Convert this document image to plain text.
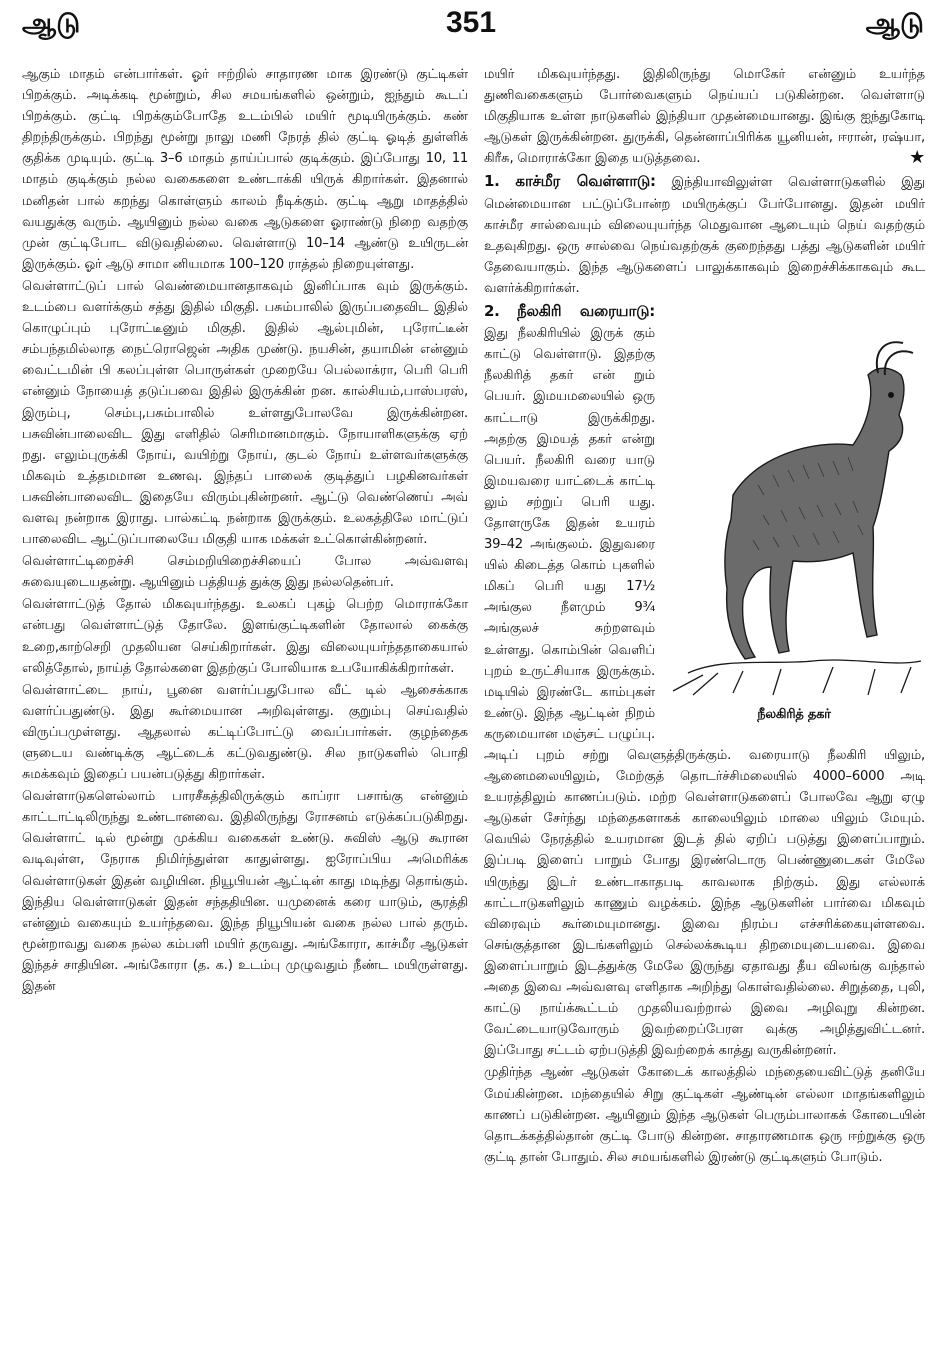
ஆடு	351	ஆடு

ஆகும் மாதம் என்பார்கள். ஓர் ஈற்றில் சாதாரண மாக இரண்டு குட்டிகள் பிறக்கும். அடிக்கடி மூன்றும், சில சமயங்களில் ஒன்றும், ஐந்தும் கூடப் பிறக்கும். குட்டி பிறக்கும்போதே உடம்பில் மயிர் மூடியிருக்கும். கண் திறந்திருக்கும். பிறந்து மூன்று நாலு மணி நேரத் தில் குட்டி ஓடித் துள்ளிக் குதிக்க முடியும். குட்டி 3–6 மாதம் தாய்ப்பால் குடிக்கும். இப்போது 10, 11 மாதம் குடிக்கும் நல்ல வகைகளை உண்டாக்கி யிருக் கிறார்கள். இதனால் மனிதன் பால் கறந்து கொள்ளும் காலம் நீடிக்கும். குட்டி ஆறு மாதத்தில் வயதுக்கு வரும். ஆயினும் நல்ல வகை ஆடுகளை ஓராண்டு நிறை வதற்கு முன் குட்டிபோட விடுவதில்லை. வெள்ளாடு 10–14 ஆண்டு உயிருடன் இருக்கும். ஓர் ஆடு சாமா னியமாக 100–120 ராத்தல் நிறையுள்ளது.

வெள்ளாட்டுப் பால் வெண்மையானதாகவும் இனிப்பாக வும் இருக்கும். உடம்பை வளர்க்கும் சத்து இதில் மிகுதி. பசும்பாலில் இருப்பதைவிட இதில் கொழுப்பும் புரோட்டீனும் மிகுதி. இதில் ஆல்புமின், புரோட்டீன் சம்பந்தமில்லாத நைட்ரொஜென் அதிக முண்டு. நயசின், தயாமின் என்னும் வைட்டமின் பி கலப்புள்ள பொருள்கள் முறையே பெல்லாக்ரா, பெரி பெரி என்னும் நோயைத் தடுப்பவை இதில் இருக்கின் றன. கால்சியம்,பாஸ்பரஸ், இரும்பு, செம்பு,பசும்பாலில் உள்ளதுபோலவே இருக்கின்றன. பசுவின்பாலைவிட இது எளிதில் செரிமானமாகும். நோயாளிகளுக்கு ஏற் றது. எலும்புருக்கி நோய், வயிற்று நோய், குடல் நோய் உள்ளவர்களுக்கு மிகவும் உத்தமமான உணவு. இந்தப் பாலைக் குடித்துப் பழகினவர்கள் பசுவின்பாலைவிட இதையே விரும்புகின்றனர். ஆட்டு வெண்ணெய் அவ் வளவு நன்றாக இராது. பால்கட்டி நன்றாக இருக்கும். உலகத்திலே மாட்டுப் பாலைவிட ஆட்டுப்பாலையே மிகுதி யாக மக்கள் உட்கொள்கின்றனர்.

வெள்ளாட்டிறைச்சி செம்மறியிறைச்சியைப் போல அவ்வளவு சுவையுடையதன்று. ஆயினும் பத்தியத் துக்கு இது நல்லதென்பர்.

வெள்ளாட்டுத் தோல் மிகவுயர்ந்தது. உலகப் புகழ் பெற்ற மொராக்கோ என்பது வெள்ளாட்டுத் தோலே. இளங்குட்டிகளின் தோலால் கைக்கு உறை,காற்செறி முதலியன செய்கிறார்கள். இது விலையுயர்ந்ததாகையால் எலித்தோல், நாய்த் தோல்களை இதற்குப் போலியாக உபயோகிக்கிறார்கள்.

வெள்ளாட்டை நாய், பூனை வளர்ப்பதுபோல வீட் டில் ஆசைக்காக வளர்ப்பதுண்டு. இது கூர்மையான அறிவுள்ளது. குறும்பு செய்வதில் விருப்பமுள்ளது. ஆதலால் கட்டிப்போட்டு வைப்பார்கள். குழந்தைக ளுடைய வண்டிக்கு ஆட்டைக் கட்டுவதுண்டு. சில நாடுகளில் பொதி சுமக்கவும் இதைப் பயன்படுத்து கிறார்கள்.

வெள்ளாடுகளெல்லாம் பாரசீகத்திலிருக்கும் காப்ரா பசாங்கு என்னும் காட்டாட்டிலிருந்து உண்டானவை. இதிலிருந்து ரோசனம் எடுக்கப்படுகிறது. வெள்ளாட் டில் மூன்று முக்கிய வகைகள் உண்டு. சுவிஸ் ஆடு கூரான வடிவுள்ள, நேராக நிமிர்ந்துள்ள காதுள்ளது. ஐரோப்பிய அமெரிக்க வெள்ளாடுகள் இதன் வழியின. நியூபியன் ஆட்டின் காது மடிந்து தொங்கும். இந்திய வெள்ளாடுகள் இதன் சந்ததியின. யமுனைக் கரை யாடும், சூரத்தி என்னும் வகையும் உயர்ந்தவை. இந்த நியூபியன் வகை நல்ல பால் தரும். மூன்றாவது வகை நல்ல கம்பளி மயிர் தருவது. அங்கோரா, காச்மீர ஆடுகள் இந்தச் சாதியின. அங்கோரா (த. க.) உடம்பு முழுவதும் நீண்ட மயிருள்ளது. இதன்

மயிர் மிகவுயர்ந்தது. இதிலிருந்து மொகேர் என்னும் உயர்ந்த துணிவகைகளும் போர்வைகளும் நெய்யப் படுகின்றன. வெள்ளாடு மிகுதியாக உள்ள நாடுகளில் இந்தியா முதன்மையானது. இங்கு ஐந்துகோடி ஆடுகள் இருக்கின்றன. துருக்கி, தென்னாப்பிரிக்க யூனியன், ஈரான், ரஷ்யா, கிரீசு, மொராக்கோ இதை யடுத்தவை.	★

1. காச்மீர வெள்ளாடு: இந்தியாவிலுள்ள வெள்ளாடுகளில் இது மென்மையான பட்டுப்போன்ற மயிருக்குப் பேர்போனது. இதன் மயிர் காச்மீர சால்வையும் விலையுயர்ந்த மெதுவான ஆடையும் நெய் வதற்கும் உதவுகிறது. ஒரு சால்வை நெய்வதற்குக் குறைந்தது பத்து ஆடுகளின் மயிர் தேவையாகும். இந்த ஆடுகளைப் பாலுக்காகவும் இறைச்சிக்காகவும் கூட வளர்க்கிறார்கள்.

நீலகிரித் தகர்
2. நீலகிரி வரையாடு: இது நீலகிரியில் இருக் கும் காட்டு வெள்ளாடு. இதற்கு நீலகிரித் தகர் என் றும் பெயர். இமயமலையில் ஒரு காட்டாடு இருக்கிறது. அதற்கு இமயத் தகர் என்று பெயர். நீலகிரி வரை யாடு இமயவரை யாட்டைக் காட்டி லும் சற்றுப் பெரி யது. தோளருகே இதன் உயரம் 39–42 அங்குலம். இதுவரை யில் கிடைத்த கொம் புகளில் மிகப் பெரி யது 17½ அங்குல நீளமும் 9¾ அங்குலச் சுற்றளவும் உள்ளது. கொம்பின் வெளிப் புறம் உருட்சியாக இருக்கும். மடியில் இரண்டே காம்புகள் உண்டு. இந்த ஆட்டின் நிறம் கருமையான மஞ்சட் பழுப்பு. அடிப் புறம் சற்று வெளுத்திருக்கும். வரையாடு நீலகிரி யிலும், ஆனைமலையிலும், மேற்குத் தொடர்ச்சிமலையில் 4000–6000 அடி உயரத்திலும் காணப்படும். மற்ற வெள்ளாடுகளைப் போலவே ஆறு ஏழு ஆடுகள் சேர்ந்து மந்தைகளாகக் காலையிலும் மாலை யிலும் மேயும். வெயில் நேரத்தில் உயரமான இடத் தில் ஏறிப் படுத்து இளைப்பாறும். இப்படி இளைப் பாறும் போது இரண்டொரு பெண்ணுடைகள் மேலே யிருந்து இடர் உண்டாகாதபடி காவலாக நிற்கும். இது எல்லாக் காட்டாடுகளிலும் காணும் வழக்கம். இந்த ஆடுகளின் பார்வை மிகவும் விரைவும் கூர்மையுமானது. இவை நிரம்ப எச்சரிக்கையுள்ளவை. செங்குத்தான இடங்களிலும் செல்லக்கூடிய திறமையுடையவை. இவை இளைப்பாறும் இடத்துக்கு மேலே இருந்து ஏதாவது தீய விலங்கு வந்தால் அதை இவை அவ்வளவு எளிதாக அறிந்து கொள்வதில்லை. சிறுத்தை, புலி, காட்டு நாய்க்கூட்டம் முதலியவற்றால் இவை அழிவுறு கின்றன. வேட்டையாடுவோரும் இவற்றைப்பேரள வுக்கு அழித்துவிட்டனர். இப்போது சட்டம் ஏற்படுத்தி இவற்றைக் காத்து வருகின்றனர்.

முதிர்ந்த ஆண் ஆடுகள் கோடைக் காலத்தில் மந்தையைவிட்டுத் தனியே மேய்கின்றன. மந்தையில் சிறு குட்டிகள் ஆண்டின் எல்லா மாதங்களிலும் காணப் படுகின்றன. ஆயினும் இந்த ஆடுகள் பெரும்பாலாகக் கோடையின் தொடக்கத்தில்தான் குட்டி போடு கின்றன. சாதாரணமாக ஒரு ஈற்றுக்கு ஒரு குட்டி தான் போதும். சில சமயங்களில் இரண்டு குட்டிகளும் போடும்.
